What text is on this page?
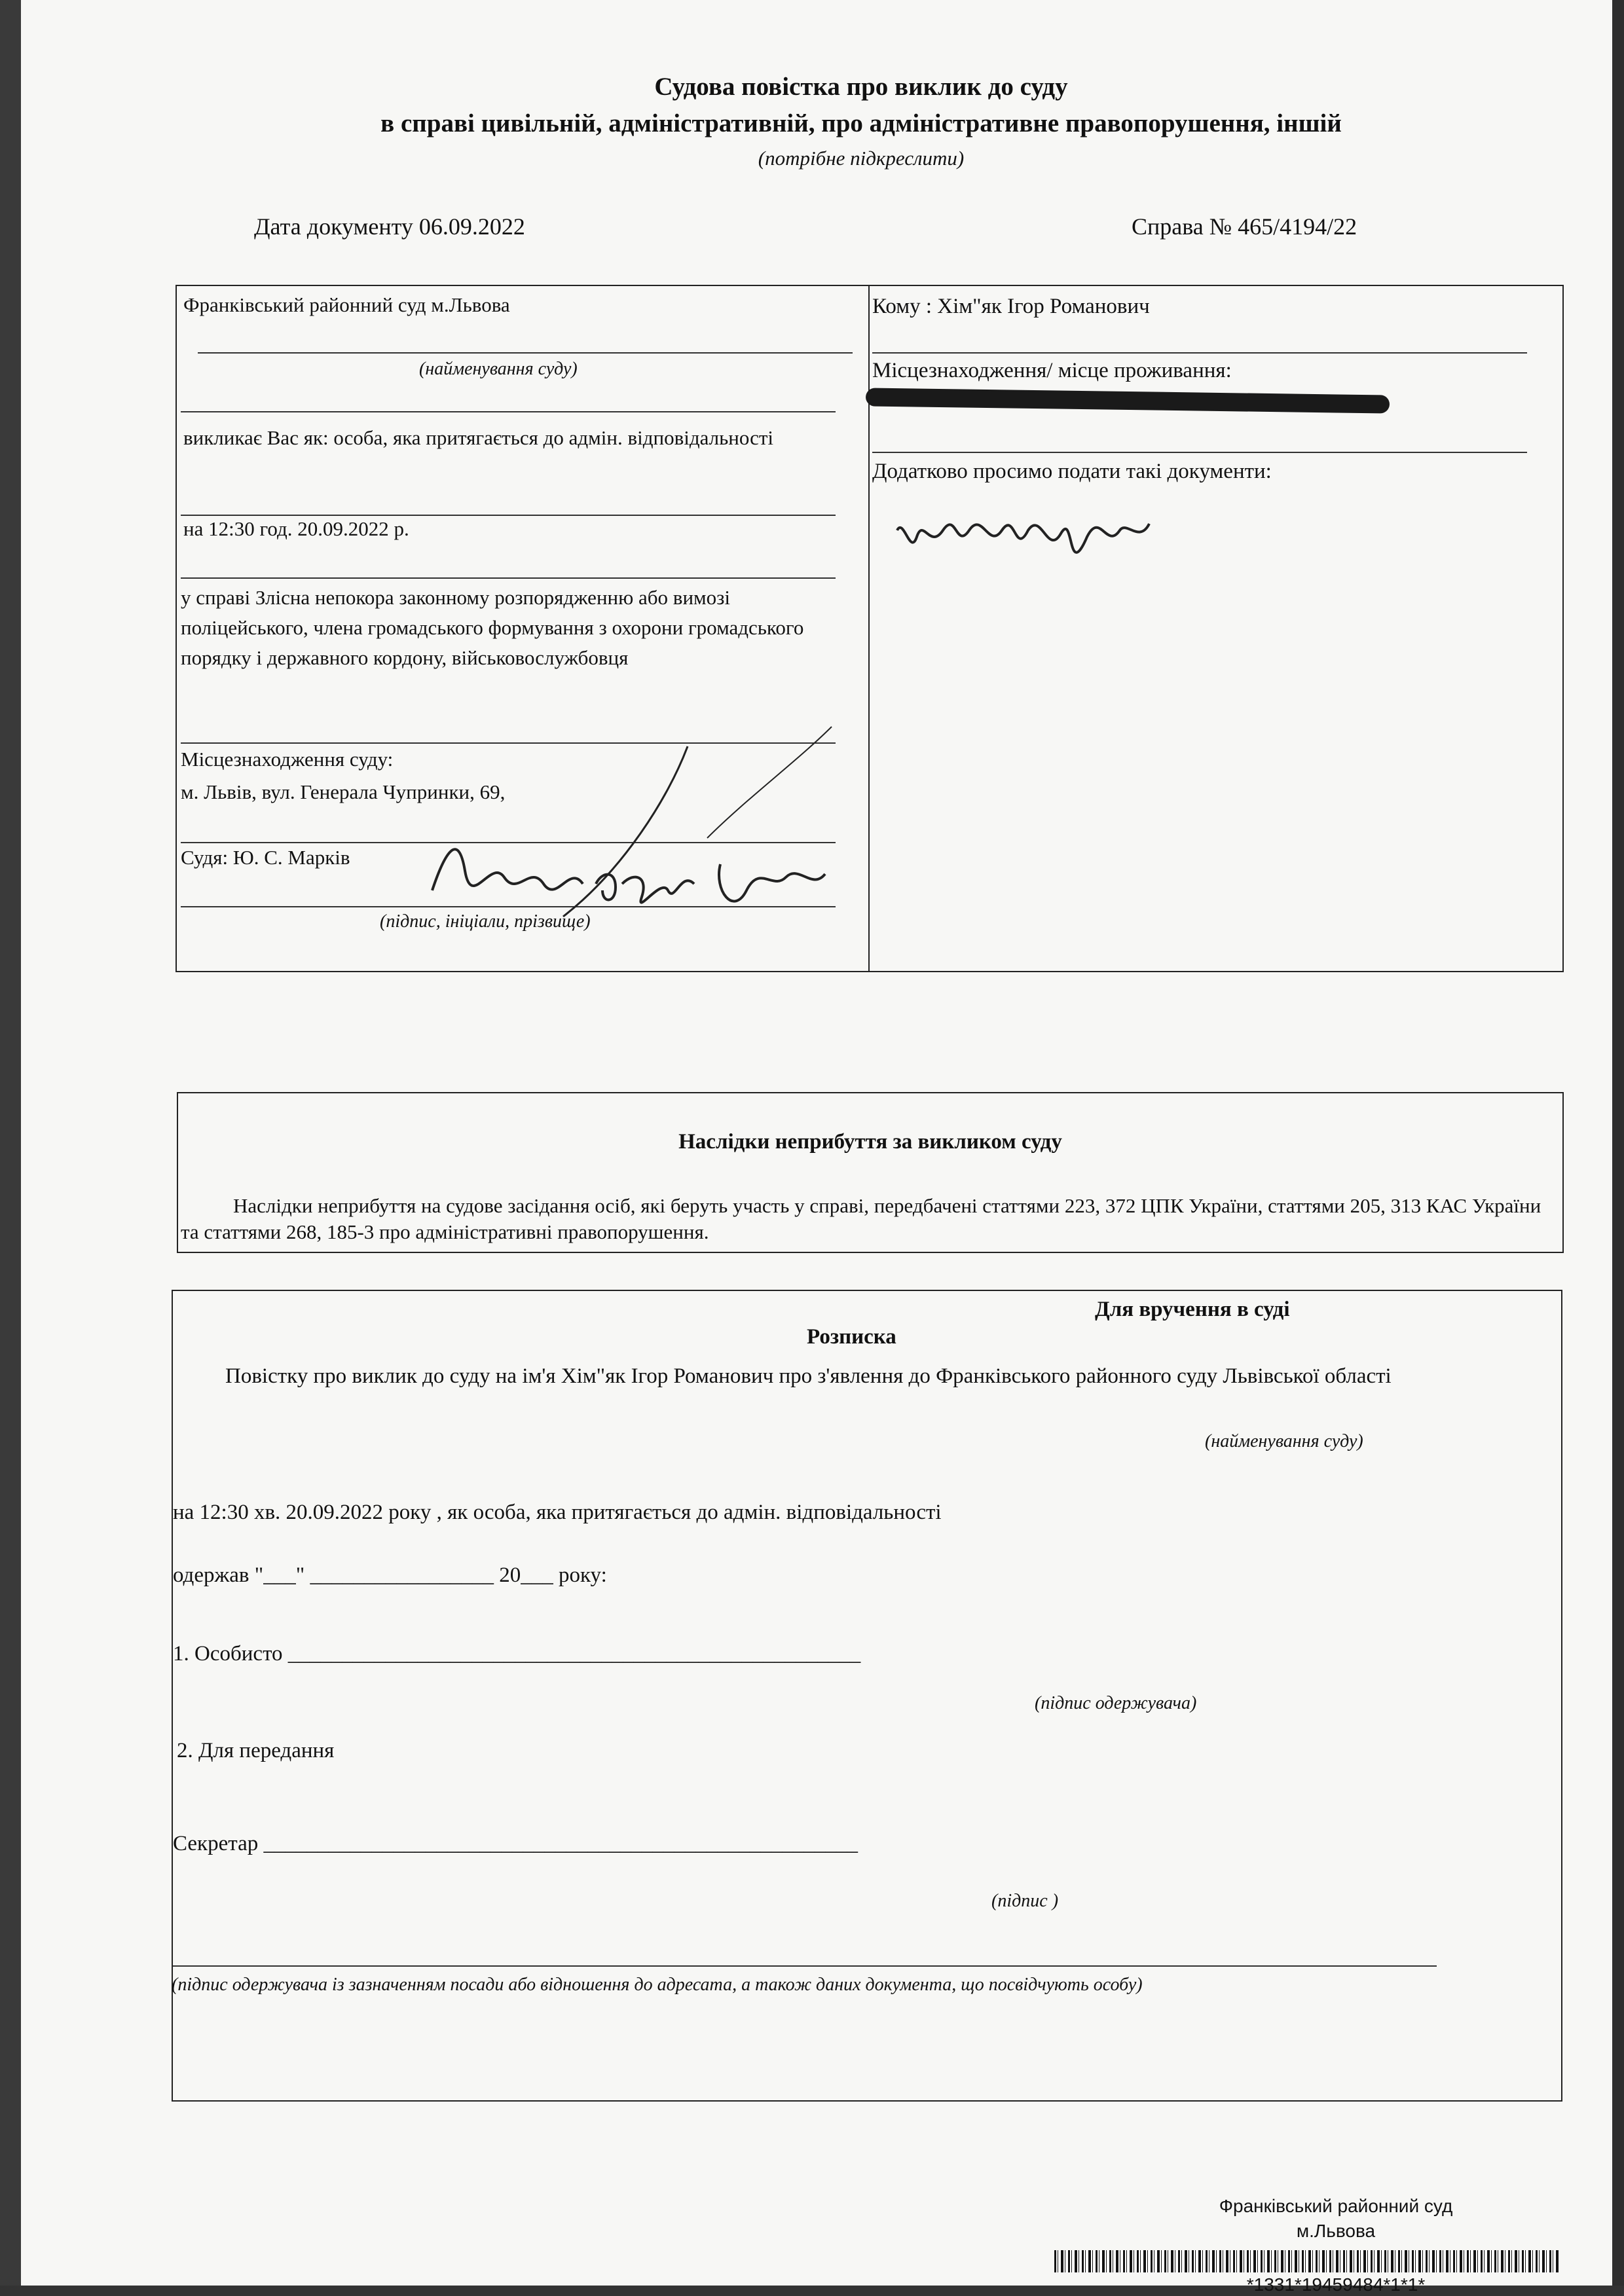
Судова повістка про виклик до суду
в справі цивільній, адміністративній, про адміністративне правопорушення, іншій
(потрібне підкреслити)
Дата документу 06.09.2022	Справа № 465/4194/22
Франківський районний суд м.Львова
(найменування суду)
викликає Вас як: особа, яка притягається до адмін. відповідальності
на 12:30 год. 20.09.2022 р.
у справі Злісна непокора законному розпорядженню або вимозі поліцейського, члена громадського формування з охорони громадського порядку і державного кордону, військовослужбовця
Місцезнаходження суду:
м. Львів, вул. Генерала Чупринки, 69,
Судя: Ю. С. Марків
(підпис, ініціали, прізвище)
Кому : Хім"як Ігор Романович
Місцезнаходження/ місце проживання:
Додатково просимо подати такі документи:
Наслідки неприбуття за викликом суду
Наслідки неприбуття на судове засідання осіб, які беруть участь у справі, передбачені статтями 223, 372 ЦПК України, статтями 205, 313 КАС України та статтями 268, 185-3 про адміністративні правопорушення.
Для вручення в суді
Розписка
Повістку про виклик до суду на ім'я Хім"як Ігор Романович про з'явлення до Франківського районного суду Львівської області
(найменування суду)
на 12:30 хв. 20.09.2022 року , як особа, яка притягається до адмін. відповідальності
одержав "___" _________________ 20___ року:
1. Особисто _____________________________________________________
(підпис одержувача)
2. Для передання
Секретар _______________________________________________________
(підпис )
(підпис одержувача із зазначенням посади або відношення до адресата, а також даних документа, що посвідчують особу)
Франківський районний суд
м.Львова
*1331*19459484*1*1*
